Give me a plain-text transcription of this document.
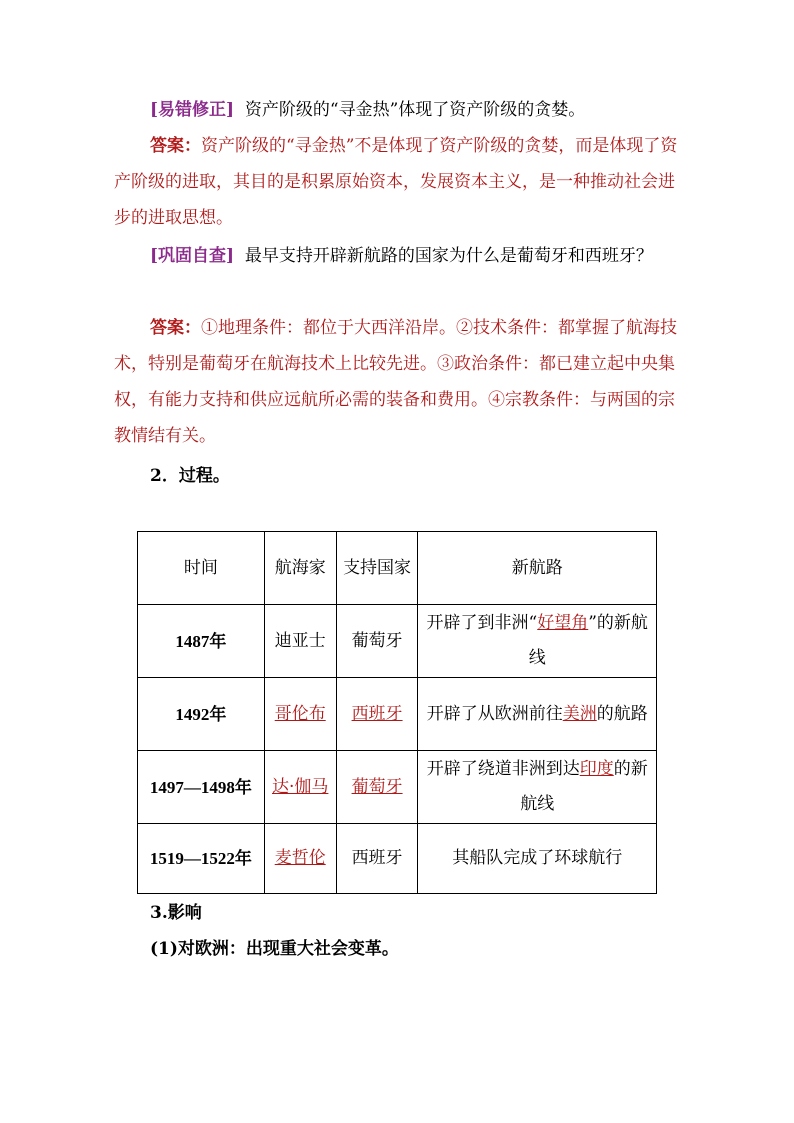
[易错修正] 资产阶级的“寻金热”体现了资产阶级的贪婪。

答案：资产阶级的“寻金热”不是体现了资产阶级的贪婪，而是体现了资产阶级的进取，其目的是积累原始资本，发展资本主义，是一种推动社会进步的进取思想。

[巩固自查] 最早支持开辟新航路的国家为什么是葡萄牙和西班牙？

答案：①地理条件：都位于大西洋沿岸。②技术条件：都掌握了航海技术，特别是葡萄牙在航海技术上比较先进。③政治条件：都已建立起中央集权，有能力支持和供应远航所必需的装备和费用。④宗教条件：与两国的宗教情结有关。

2．过程。

时间	航海家	支持国家	新航路
1487年	迪亚士	葡萄牙	开辟了到非洲“好望角”的新航线
1492年	哥伦布	西班牙	开辟了从欧洲前往美洲的航路
1497—1498年	达·伽马	葡萄牙	开辟了绕道非洲到达印度的新航线
1519—1522年	麦哲伦	西班牙	其船队完成了环球航行

3.影响

(1)对欧洲：出现重大社会变革。
